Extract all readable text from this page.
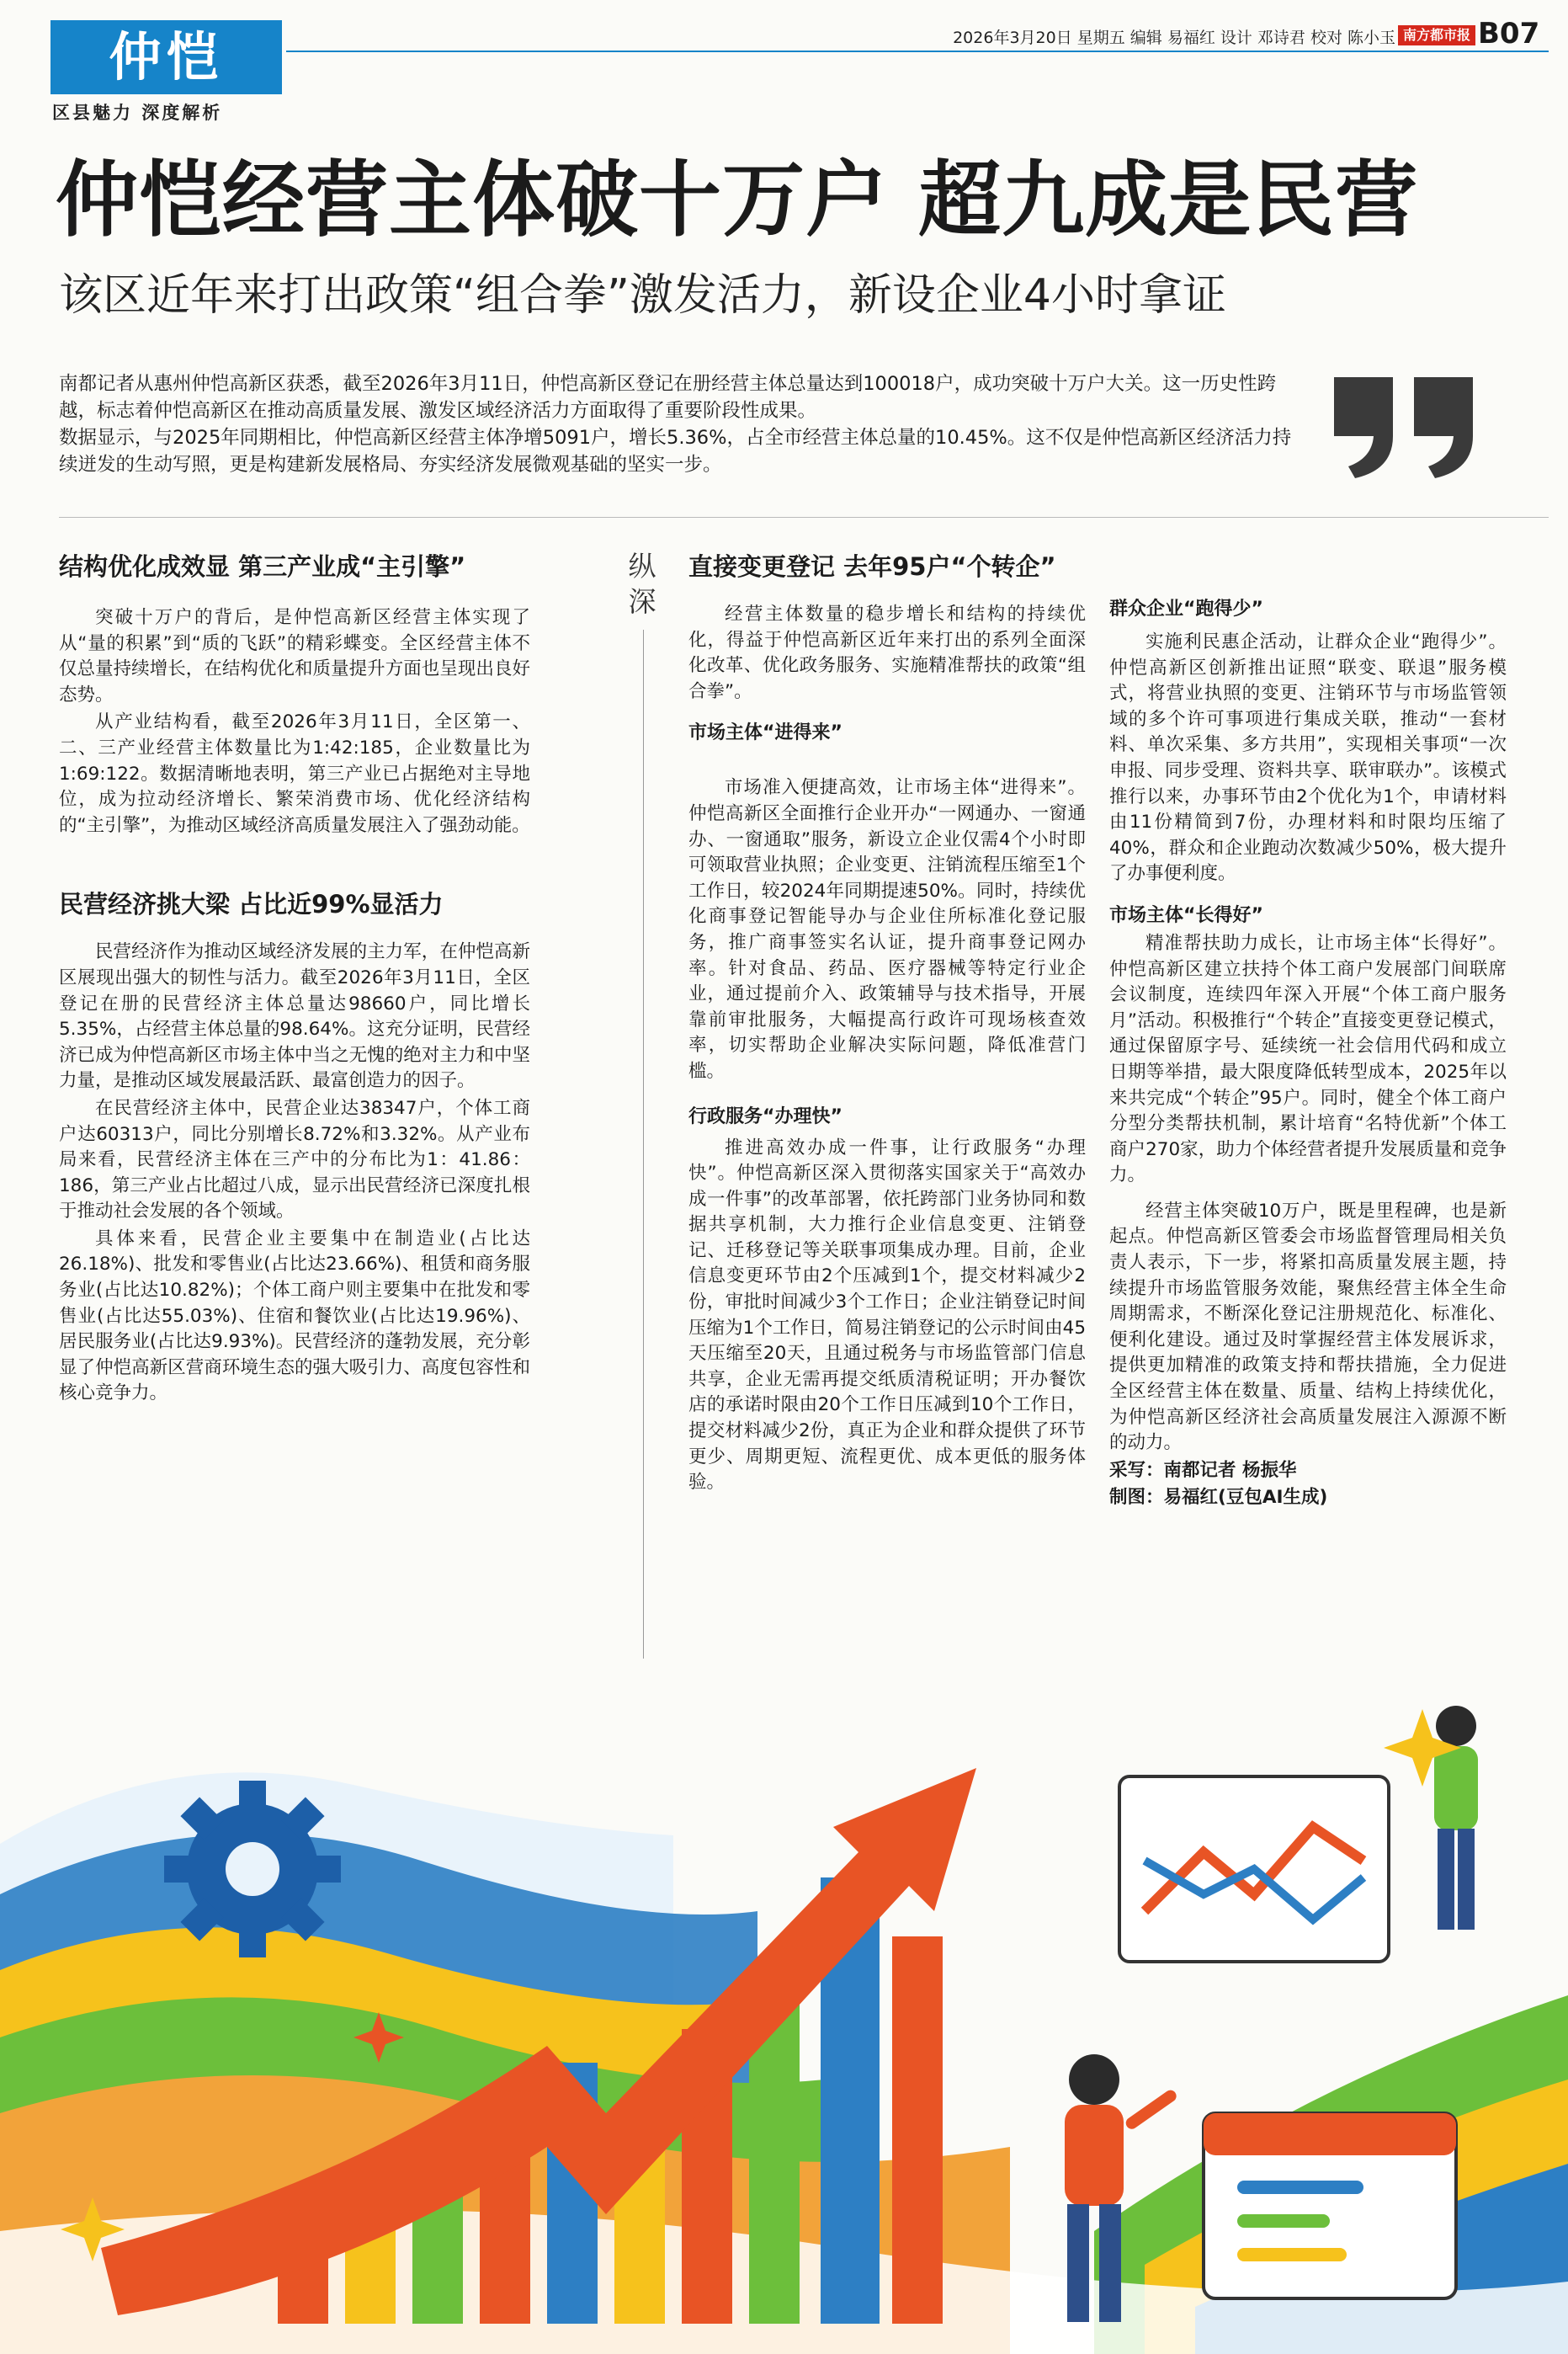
仲恺
区县魅力 深度解析
2026年3月20日 星期五 编辑 易福红 设计 邓诗君 校对 陈小玉 南方都市报 B07
仲恺经营主体破十万户 超九成是民营
该区近年来打出政策“组合拳”激发活力，新设企业4小时拿证

南都记者从惠州仲恺高新区获悉，截至2026年3月11日，仲恺高新区登记在册经营主体总量达到100018户，成功突破十万户大关。这一历史性跨越，标志着仲恺高新区在推动高质量发展、激发区域经济活力方面取得了重要阶段性成果。

数据显示，与2025年同期相比，仲恺高新区经营主体净增5091户，增长5.36%，占全市经营主体总量的10.45%。这不仅是仲恺高新区经济活力持续迸发的生动写照，更是构建新发展格局、夯实经济发展微观基础的坚实一步。

结构优化成效显 第三产业成“主引擎”

突破十万户的背后，是仲恺高新区经营主体实现了从“量的积累”到“质的飞跃”的精彩蝶变。全区经营主体不仅总量持续增长，在结构优化和质量提升方面也呈现出良好态势。

从产业结构看，截至2026年3月11日，全区第一、二、三产业经营主体数量比为1:42:185，企业数量比为1:69:122。数据清晰地表明，第三产业已占据绝对主导地位，成为拉动经济增长、繁荣消费市场、优化经济结构的“主引擎”，为推动区域经济高质量发展注入了强劲动能。

民营经济挑大梁 占比近99%显活力

民营经济作为推动区域经济发展的主力军，在仲恺高新区展现出强大的韧性与活力。截至2026年3月11日，全区登记在册的民营经济主体总量达98660户，同比增长5.35%，占经营主体总量的98.64%。这充分证明，民营经济已成为仲恺高新区市场主体中当之无愧的绝对主力和中坚力量，是推动区域发展最活跃、最富创造力的因子。

在民营经济主体中，民营企业达38347户，个体工商户达60313户，同比分别增长8.72%和3.32%。从产业布局来看，民营经济主体在三产中的分布比为1：41.86：186，第三产业占比超过八成，显示出民营经济已深度扎根于推动社会发展的各个领域。

具体来看，民营企业主要集中在制造业(占比达26.18%)、批发和零售业(占比达23.66%)、租赁和商务服务业(占比达10.82%)；个体工商户则主要集中在批发和零售业(占比达55.03%)、住宿和餐饮业(占比达19.96%)、居民服务业(占比达9.93%)。民营经济的蓬勃发展，充分彰显了仲恺高新区营商环境生态的强大吸引力、高度包容性和核心竞争力。

纵深

直接变更登记 去年95户“个转企”

经营主体数量的稳步增长和结构的持续优化，得益于仲恺高新区近年来打出的系列全面深化改革、优化政务服务、实施精准帮扶的政策“组合拳”。

市场主体“进得来”

市场准入便捷高效，让市场主体“进得来”。仲恺高新区全面推行企业开办“一网通办、一窗通办、一窗通取”服务，新设立企业仅需4个小时即可领取营业执照；企业变更、注销流程压缩至1个工作日，较2024年同期提速50%。同时，持续优化商事登记智能导办与企业住所标准化登记服务，推广商事签实名认证，提升商事登记网办率。针对食品、药品、医疗器械等特定行业企业，通过提前介入、政策辅导与技术指导，开展靠前审批服务，大幅提高行政许可现场核查效率，切实帮助企业解决实际问题，降低准营门槛。

行政服务“办理快”

推进高效办成一件事，让行政服务“办理快”。仲恺高新区深入贯彻落实国家关于“高效办成一件事”的改革部署，依托跨部门业务协同和数据共享机制，大力推行企业信息变更、注销登记、迁移登记等关联事项集成办理。目前，企业信息变更环节由2个压减到1个，提交材料减少2份，审批时间减少3个工作日；企业注销登记时间压缩为1个工作日，简易注销登记的公示时间由45天压缩至20天，且通过税务与市场监管部门信息共享，企业无需再提交纸质清税证明；开办餐饮店的承诺时限由20个工作日压减到10个工作日，提交材料减少2份，真正为企业和群众提供了环节更少、周期更短、流程更优、成本更低的服务体验。

群众企业“跑得少”

实施利民惠企活动，让群众企业“跑得少”。仲恺高新区创新推出证照“联变、联退”服务模式，将营业执照的变更、注销环节与市场监管领域的多个许可事项进行集成关联，推动“一套材料、单次采集、多方共用”，实现相关事项“一次申报、同步受理、资料共享、联审联办”。该模式推行以来，办事环节由2个优化为1个，申请材料由11份精简到7份，办理材料和时限均压缩了40%，群众和企业跑动次数减少50%，极大提升了办事便利度。

市场主体“长得好”

精准帮扶助力成长，让市场主体“长得好”。仲恺高新区建立扶持个体工商户发展部门间联席会议制度，连续四年深入开展“个体工商户服务月”活动。积极推行“个转企”直接变更登记模式，通过保留原字号、延续统一社会信用代码和成立日期等举措，最大限度降低转型成本，2025年以来共完成“个转企”95户。同时，健全个体工商户分型分类帮扶机制，累计培育“名特优新”个体工商户270家，助力个体经营者提升发展质量和竞争力。

经营主体突破10万户，既是里程碑，也是新起点。仲恺高新区管委会市场监督管理局相关负责人表示，下一步，将紧扣高质量发展主题，持续提升市场监管服务效能，聚焦经营主体全生命周期需求，不断深化登记注册规范化、标准化、便利化建设。通过及时掌握经营主体发展诉求，提供更加精准的政策支持和帮扶措施，全力促进全区经营主体在数量、质量、结构上持续优化，为仲恺高新区经济社会高质量发展注入源源不断的动力。

采写：南都记者 杨振华

制图：易福红(豆包AI生成)
